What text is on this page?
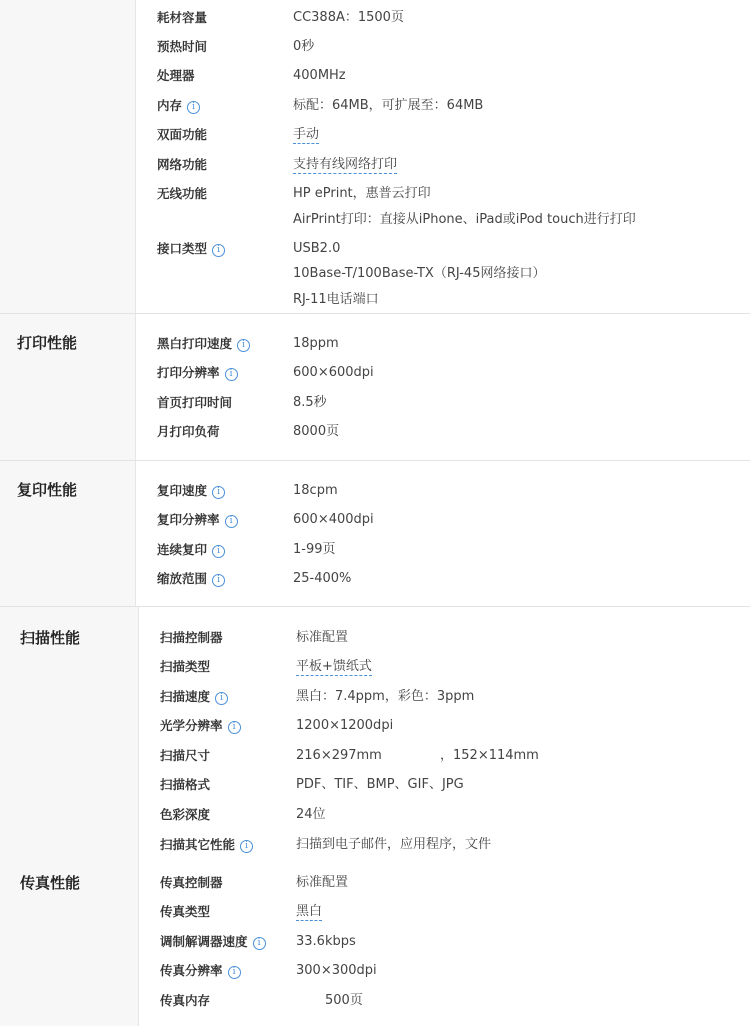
耗材容量	CC388A：1500页
预热时间	0秒
处理器	400MHz
内存 i	标配：64MB，可扩展至：64MB
双面功能	手动
网络功能	支持有线网络打印
无线功能	HP ePrint，惠普云打印
AirPrint打印：直接从iPhone、iPad或iPod touch进行打印
接口类型 i	USB2.0
10Base-T/100Base-TX（RJ-45网络接口）
RJ-11电话端口
打印性能	黑白打印速度 i	18ppm
打印分辨率 i	600×600dpi
首页打印时间	8.5秒
月打印负荷	8000页
复印性能	复印速度 i	18cpm
复印分辨率 i	600×400dpi
连续复印 i	1-99页
缩放范围 i	25-400%
扫描性能
传真性能
扫描控制器	标准配置
扫描类型	平板+馈纸式
扫描速度 i	黑白：7.4ppm，彩色：3ppm
光学分辨率 i	1200×1200dpi
扫描尺寸	216×297mm	，152×114mm
扫描格式	PDF、TIF、BMP、GIF、JPG
色彩深度	24位
扫描其它性能 i	扫描到电子邮件，应用程序，文件
传真控制器	标准配置
传真类型	黑白
调制解调器速度 i	33.6kbps
传真分辨率 i	300×300dpi
传真内存	500页
